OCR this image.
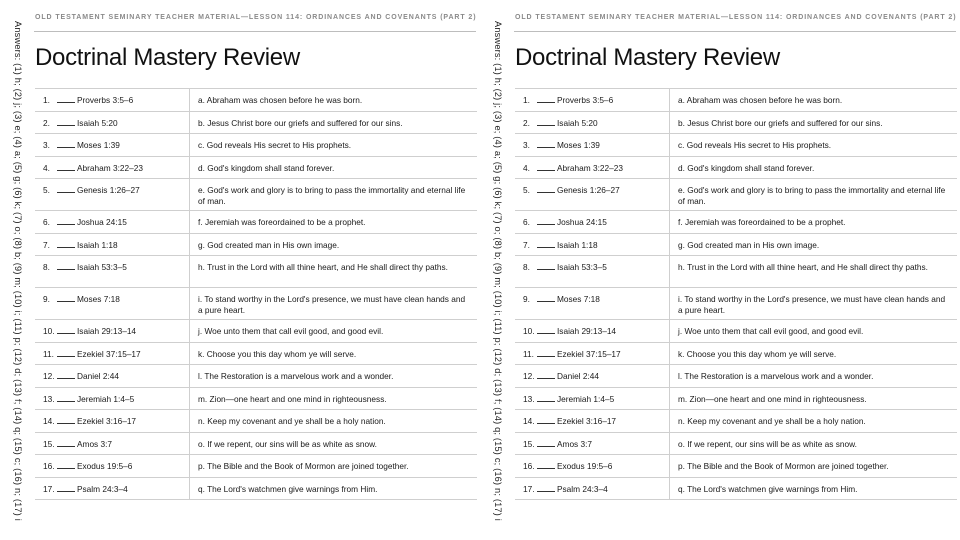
Answers: (1) h; (2) j; (3) e; (4) a; (5) g; (6) k; (7) o; (8) b; (9) m; (10) i; (11) p; (12) d; (13) f; (14) q; (15) c; (16) n; (17) i
OLD TESTAMENT SEMINARY TEACHER MATERIAL—LESSON 114: ORDINANCES AND COVENANTS (PART 2)
Doctrinal Mastery Review
1. Proverbs 3:5–6	a. Abraham was chosen before he was born.
2. Isaiah 5:20	b. Jesus Christ bore our griefs and suffered for our sins.
3. Moses 1:39	c. God reveals His secret to His prophets.
4. Abraham 3:22–23	d. God's kingdom shall stand forever.
5. Genesis 1:26–27	e. God's work and glory is to bring to pass the immortality and eternal life of man.
6. Joshua 24:15	f. Jeremiah was foreordained to be a prophet.
7. Isaiah 1:18	g. God created man in His own image.
8. Isaiah 53:3–5	h. Trust in the Lord with all thine heart, and He shall direct thy paths.
9. Moses 7:18	i. To stand worthy in the Lord's presence, we must have clean hands and a pure heart.
10. Isaiah 29:13–14	j. Woe unto them that call evil good, and good evil.
11. Ezekiel 37:15–17	k. Choose you this day whom ye will serve.
12. Daniel 2:44	l. The Restoration is a marvelous work and a wonder.
13. Jeremiah 1:4–5	m. Zion—one heart and one mind in righteousness.
14. Ezekiel 3:16–17	n. Keep my covenant and ye shall be a holy nation.
15. Amos 3:7	o. If we repent, our sins will be as white as snow.
16. Exodus 19:5–6	p. The Bible and the Book of Mormon are joined together.
17. Psalm 24:3–4	q. The Lord's watchmen give warnings from Him.	Answers: (1) h; (2) j; (3) e; (4) a; (5) g; (6) k; (7) o; (8) b; (9) m; (10) i; (11) p; (12) d; (13) f; (14) q; (15) c; (16) n; (17) i
OLD TESTAMENT SEMINARY TEACHER MATERIAL—LESSON 114: ORDINANCES AND COVENANTS (PART 2)
Doctrinal Mastery Review
1. Proverbs 3:5–6	a. Abraham was chosen before he was born.
2. Isaiah 5:20	b. Jesus Christ bore our griefs and suffered for our sins.
3. Moses 1:39	c. God reveals His secret to His prophets.
4. Abraham 3:22–23	d. God's kingdom shall stand forever.
5. Genesis 1:26–27	e. God's work and glory is to bring to pass the immortality and eternal life of man.
6. Joshua 24:15	f. Jeremiah was foreordained to be a prophet.
7. Isaiah 1:18	g. God created man in His own image.
8. Isaiah 53:3–5	h. Trust in the Lord with all thine heart, and He shall direct thy paths.
9. Moses 7:18	i. To stand worthy in the Lord's presence, we must have clean hands and a pure heart.
10. Isaiah 29:13–14	j. Woe unto them that call evil good, and good evil.
11. Ezekiel 37:15–17	k. Choose you this day whom ye will serve.
12. Daniel 2:44	l. The Restoration is a marvelous work and a wonder.
13. Jeremiah 1:4–5	m. Zion—one heart and one mind in righteousness.
14. Ezekiel 3:16–17	n. Keep my covenant and ye shall be a holy nation.
15. Amos 3:7	o. If we repent, our sins will be as white as snow.
16. Exodus 19:5–6	p. The Bible and the Book of Mormon are joined together.
17. Psalm 24:3–4	q. The Lord's watchmen give warnings from Him.
